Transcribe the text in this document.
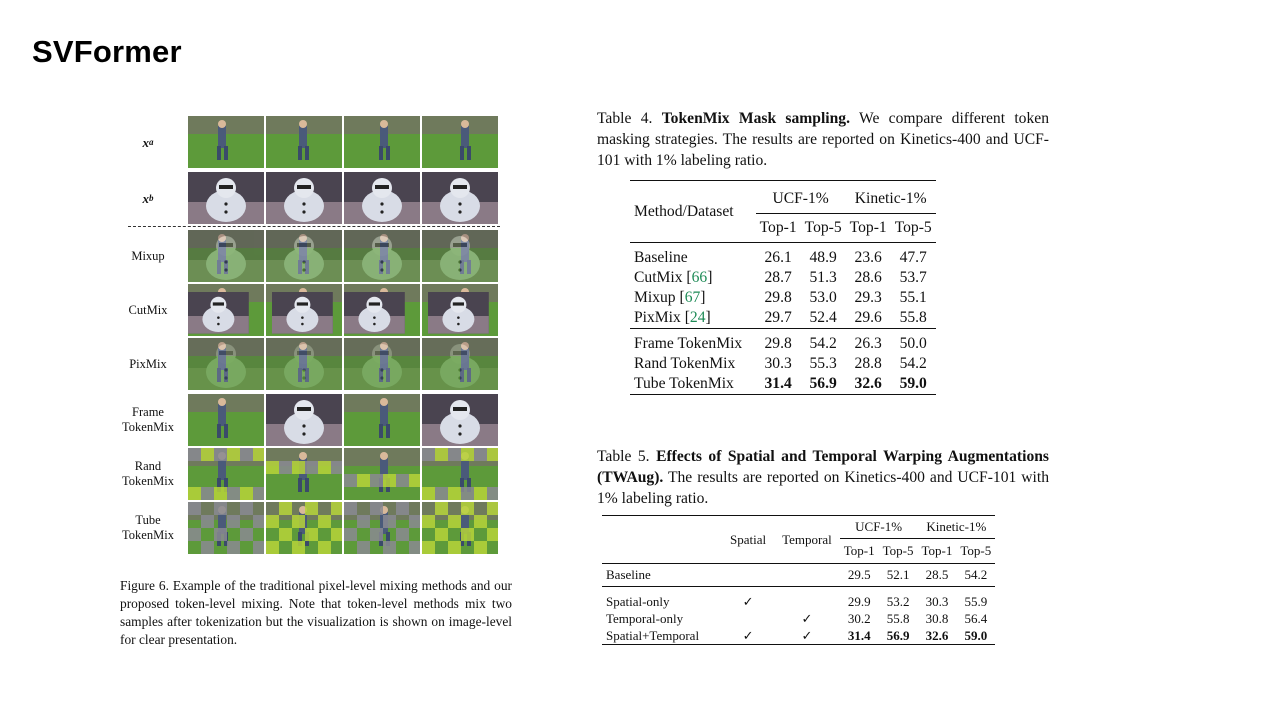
SVFormer
x a
x b
Mixup
CutMix
PixMix
Frame TokenMix
Rand TokenMix
Tube TokenMix
Figure 6. Example of the traditional pixel-level mixing methods and our proposed token-level mixing. Note that token-level methods mix two samples after tokenization but the visualization is shown on image-level for clear presentation.
Table 4. TokenMix Mask sampling. We compare different token masking strategies. The results are reported on Kinetics-400 and UCF-101 with 1% labeling ratio.
Method/Dataset	UCF-1%		Kinetic-1%	
	Top-1	Top-5	Top-1	Top-5
Baseline	26.1	48.9	23.6	47.7
CutMix [66]	28.7	51.3	28.6	53.7
Mixup [67]	29.8	53.0	29.3	55.1
PixMix [24]	29.7	52.4	29.6	55.8
Frame TokenMix	29.8	54.2	26.3	50.0
Rand TokenMix	30.3	55.3	28.8	54.2
Tube TokenMix	31.4	56.9	32.6	59.0
Table 5. Effects of Spatial and Temporal Warping Augmentations (TWAug). The results are reported on Kinetics-400 and UCF-101 with 1% labeling ratio.
	Spatial	Temporal	UCF-1%		Kinetic-1%	
			Top-1	Top-5	Top-1	Top-5
Baseline			29.5	52.1	28.5	54.2
Spatial-only	✓		29.9	53.2	30.3	55.9
Temporal-only		✓	30.2	55.8	30.8	56.4
Spatial+Temporal	✓	✓	31.4	56.9	32.6	59.0
